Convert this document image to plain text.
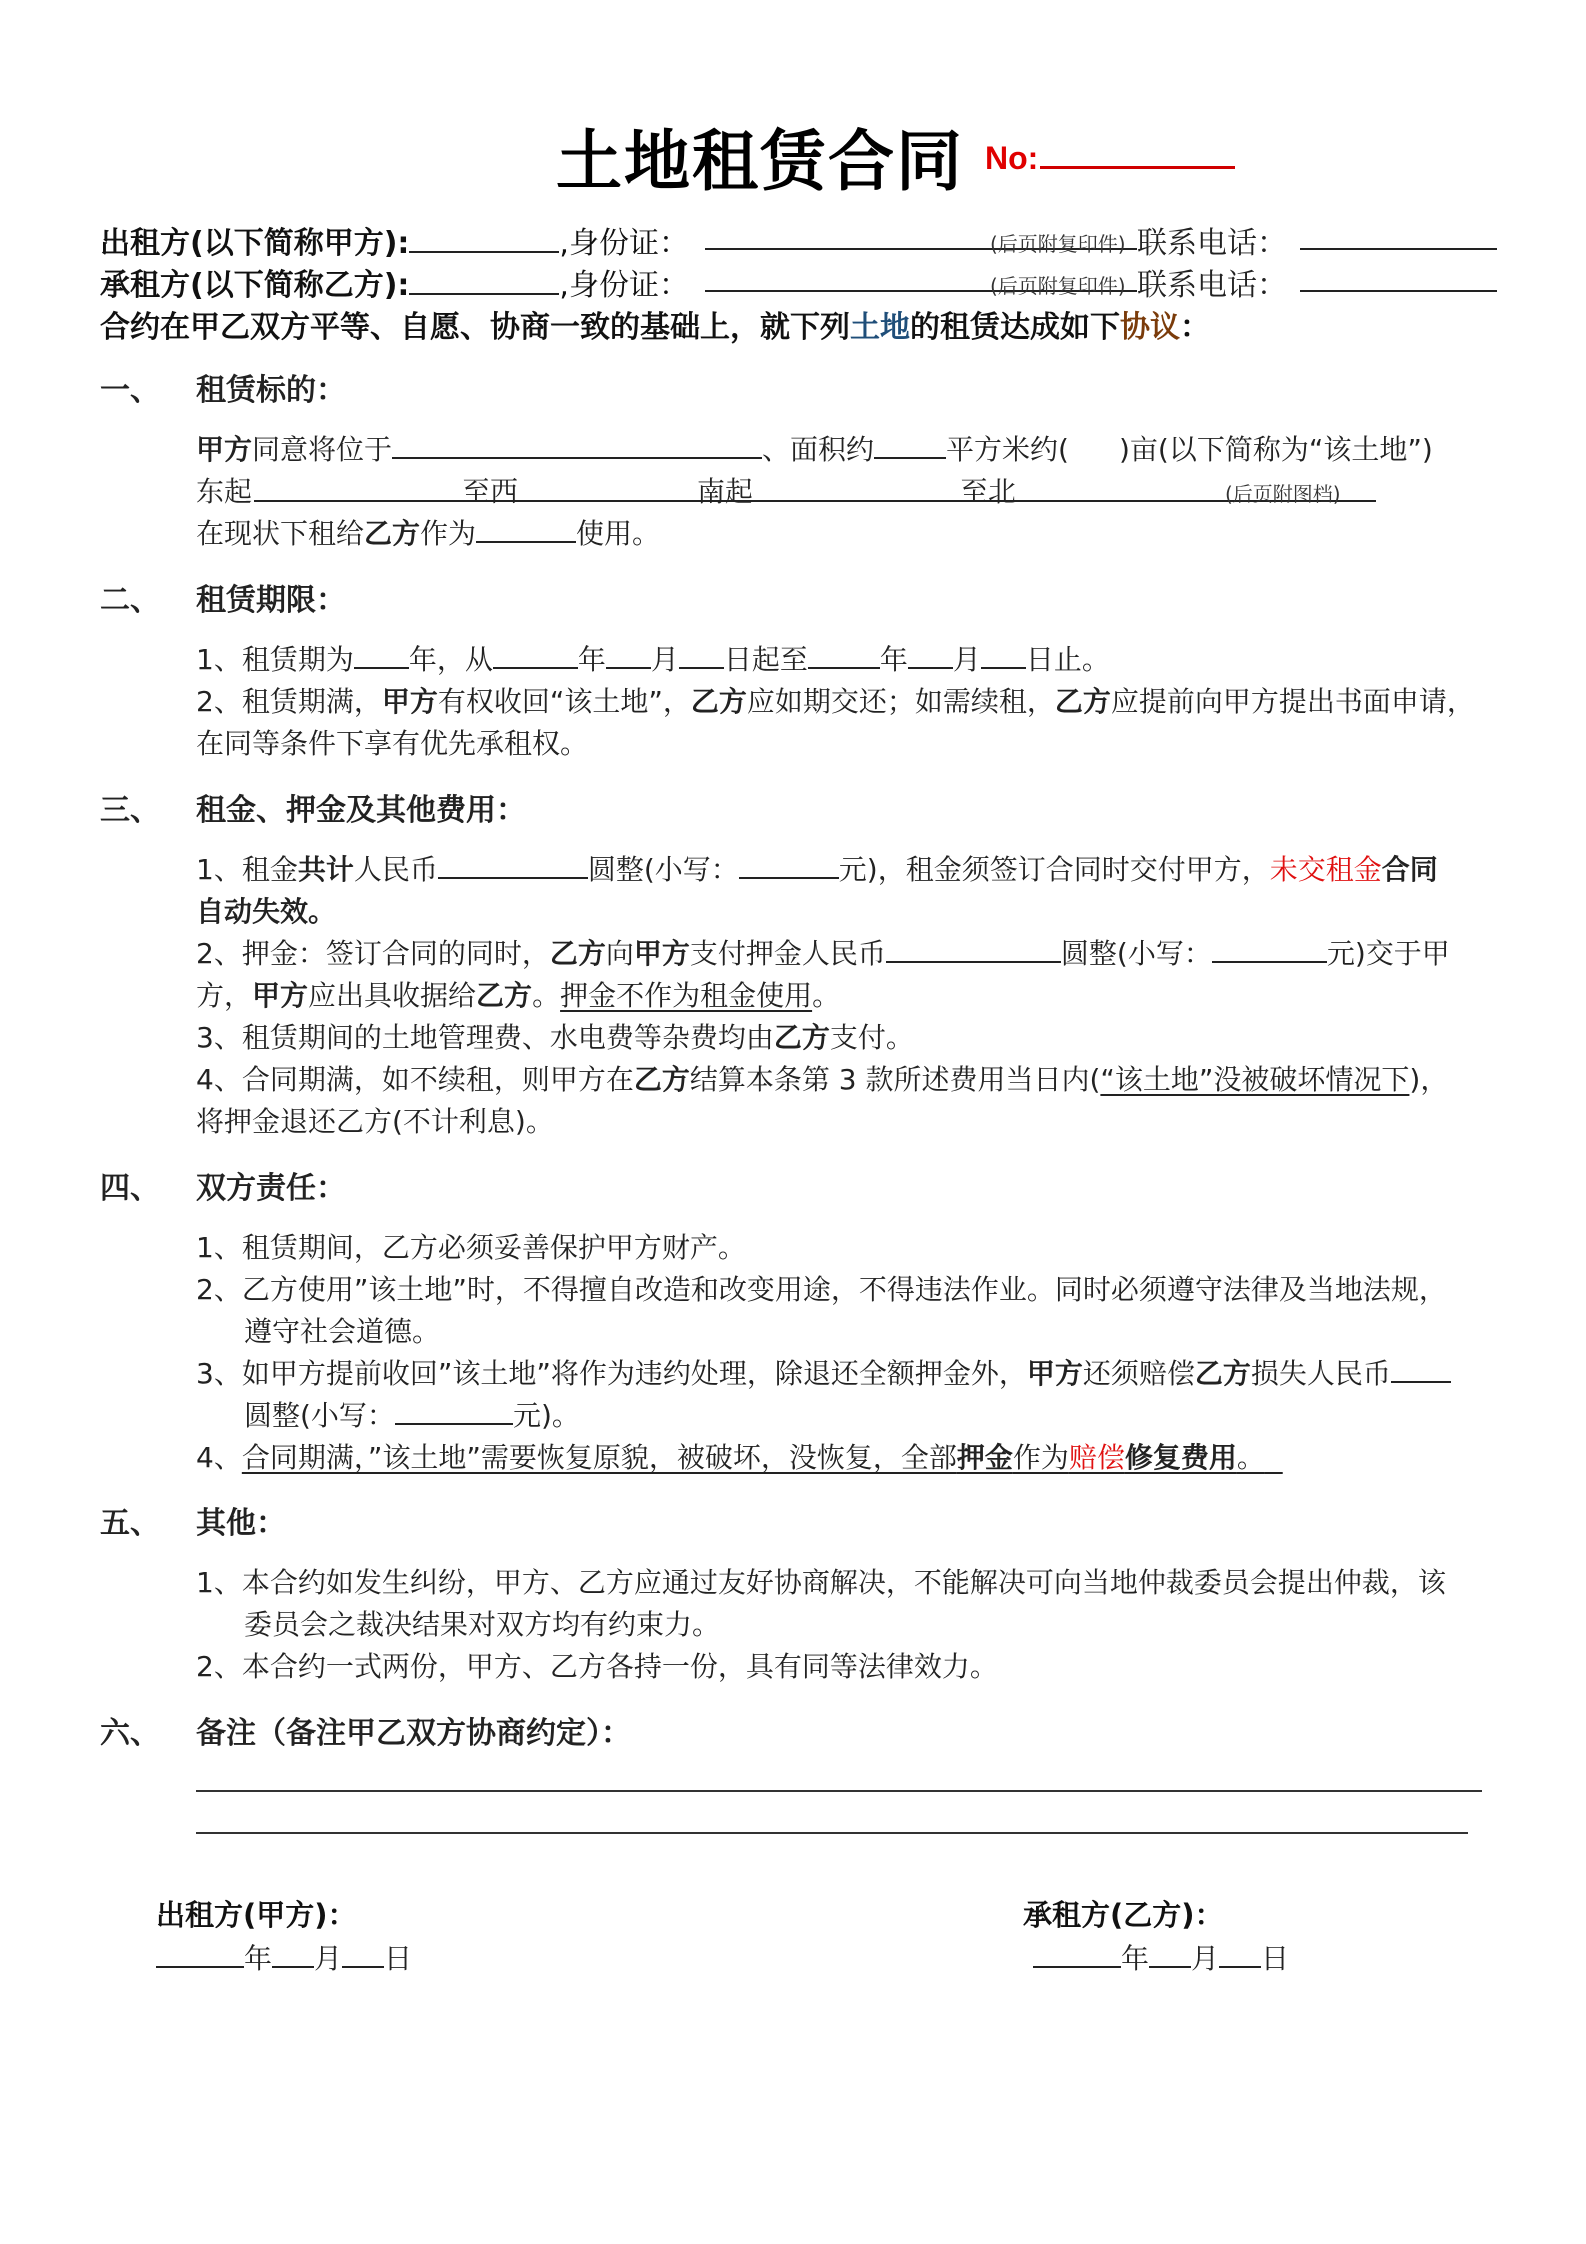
土地租赁合同 No:
出租方(以下简称甲方):	,身份证：	(后页附复印件) 联系电话：
承租方(以下简称乙方):	,身份证：	(后页附复印件) 联系电话：
合约在甲乙双方平等、自愿、协商一致的基础上，就下列土地的租赁达成如下协议：
一、 租赁标的：
甲方同意将位于	、面积约	平方米约( )亩(以下简称为“该土地”)
东起	至西	南起	至北	(后页附图档)
在现状下租给乙方作为	使用。
二、 租赁期限：
1、租赁期为 年，从	年 月 日起至	年 月 日止。
2、租赁期满，甲方有权收回“该土地”，乙方应如期交还；如需续租，乙方应提前向甲方提出书面申请，
在同等条件下享有优先承租权。
三、 租金、押金及其他费用：
1、租金共计人民币	圆整(小写：	元)，租金须签订合同时交付甲方，未交租金合同
自动失效。
2、押金：签订合同的同时，乙方向甲方支付押金人民币	圆整(小写：	元)交于甲
方，甲方应出具收据给乙方。押金不作为租金使用。
3、租赁期间的土地管理费、水电费等杂费均由乙方支付。
4、合同期满，如不续租，则甲方在乙方结算本条第 3 款所述费用当日内(“该土地”没被破坏情况下)，
将押金退还乙方(不计利息)。
四、 双方责任：
1、租赁期间，乙方必须妥善保护甲方财产。
2、乙方使用”该土地”时，不得擅自改造和改变用途，不得违法作业。同时必须遵守法律及当地法规，
遵守社会道德。
3、如甲方提前收回”该土地”将作为违约处理，除退还全额押金外，甲方还须赔偿乙方损失人民币
圆整(小写：	元)。
4、合同期满，”该土地”需要恢复原貌，被破坏，没恢复，全部押金作为赔偿修复费用。
五、 其他：
1、本合约如发生纠纷，甲方、乙方应通过友好协商解决，不能解决可向当地仲裁委员会提出仲裁，该
委员会之裁决结果对双方均有约束力。
2、本合约一式两份，甲方、乙方各持一份，具有同等法律效力。
六、 备注（备注甲乙双方协商约定）：
出租方(甲方)：
年 月 日
承租方(乙方)：
年 月 日
